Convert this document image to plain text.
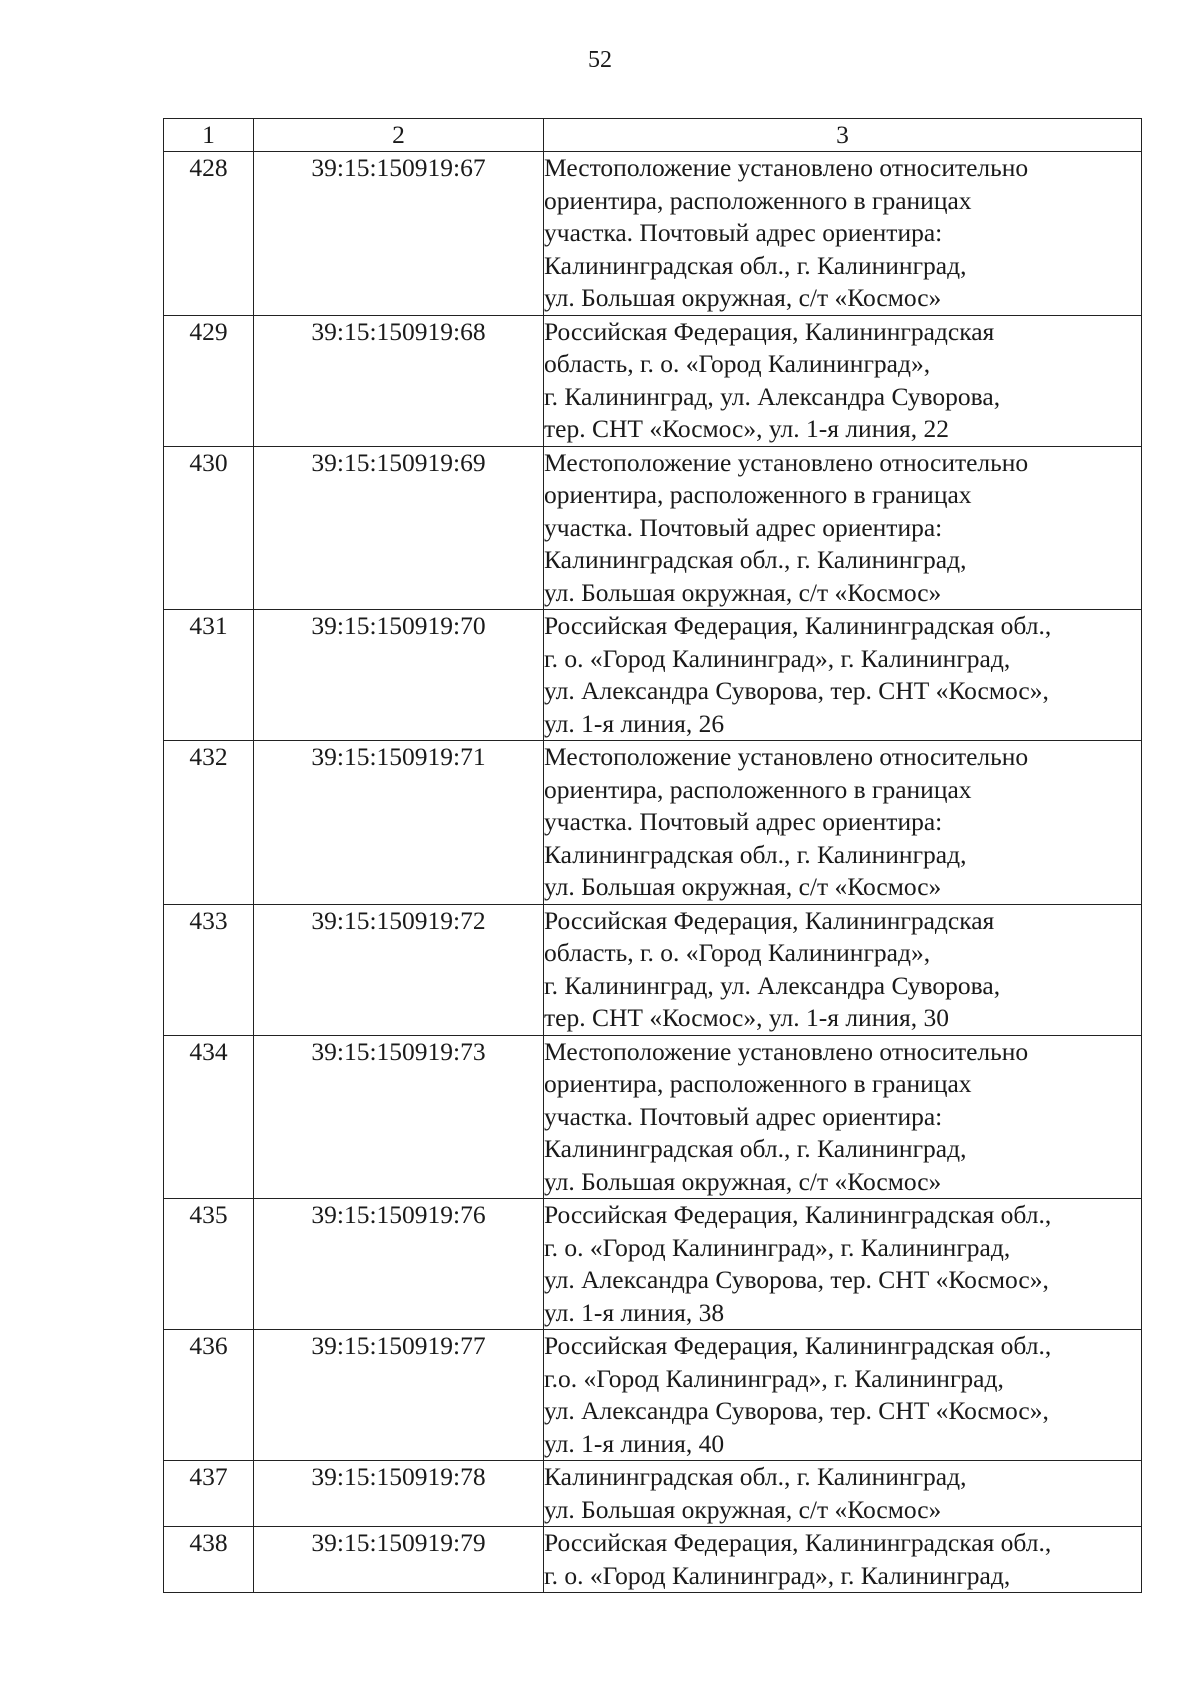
52
1	2	3
428	39:15:150919:67	Местоположение установлено относительно
ориентира, расположенного в границах
участка. Почтовый адрес ориентира:
Калининградская обл., г. Калининград,
ул. Большая окружная, с/т «Космос»

429	39:15:150919:68	Российская Федерация, Калининградская
область, г. о. «Город Калининград»,
г. Калининград, ул. Александра Суворова,
тер. СНТ «Космос», ул. 1-я линия, 22

430	39:15:150919:69	Местоположение установлено относительно
ориентира, расположенного в границах
участка. Почтовый адрес ориентира:
Калининградская обл., г. Калининград,
ул. Большая окружная, с/т «Космос»

431	39:15:150919:70	Российская Федерация, Калининградская обл.,
г. о. «Город Калининград», г. Калининград,
ул. Александра Суворова, тер. СНТ «Космос»,
ул. 1-я линия, 26

432	39:15:150919:71	Местоположение установлено относительно
ориентира, расположенного в границах
участка. Почтовый адрес ориентира:
Калининградская обл., г. Калининград,
ул. Большая окружная, с/т «Космос»

433	39:15:150919:72	Российская Федерация, Калининградская
область, г. о. «Город Калининград»,
г. Калининград, ул. Александра Суворова,
тер. СНТ «Космос», ул. 1-я линия, 30

434	39:15:150919:73	Местоположение установлено относительно
ориентира, расположенного в границах
участка. Почтовый адрес ориентира:
Калининградская обл., г. Калининград,
ул. Большая окружная, с/т «Космос»

435	39:15:150919:76	Российская Федерация, Калининградская обл.,
г. о. «Город Калининград», г. Калининград,
ул. Александра Суворова, тер. СНТ «Космос»,
ул. 1-я линия, 38

436	39:15:150919:77	Российская Федерация, Калининградская обл.,
г.о. «Город Калининград», г. Калининград,
ул. Александра Суворова, тер. СНТ «Космос»,
ул. 1-я линия, 40

437	39:15:150919:78	Калининградская обл., г. Калининград,
ул. Большая окружная, с/т «Космос»

438	39:15:150919:79	Российская Федерация, Калининградская обл.,
г. о. «Город Калининград», г. Калининград,
